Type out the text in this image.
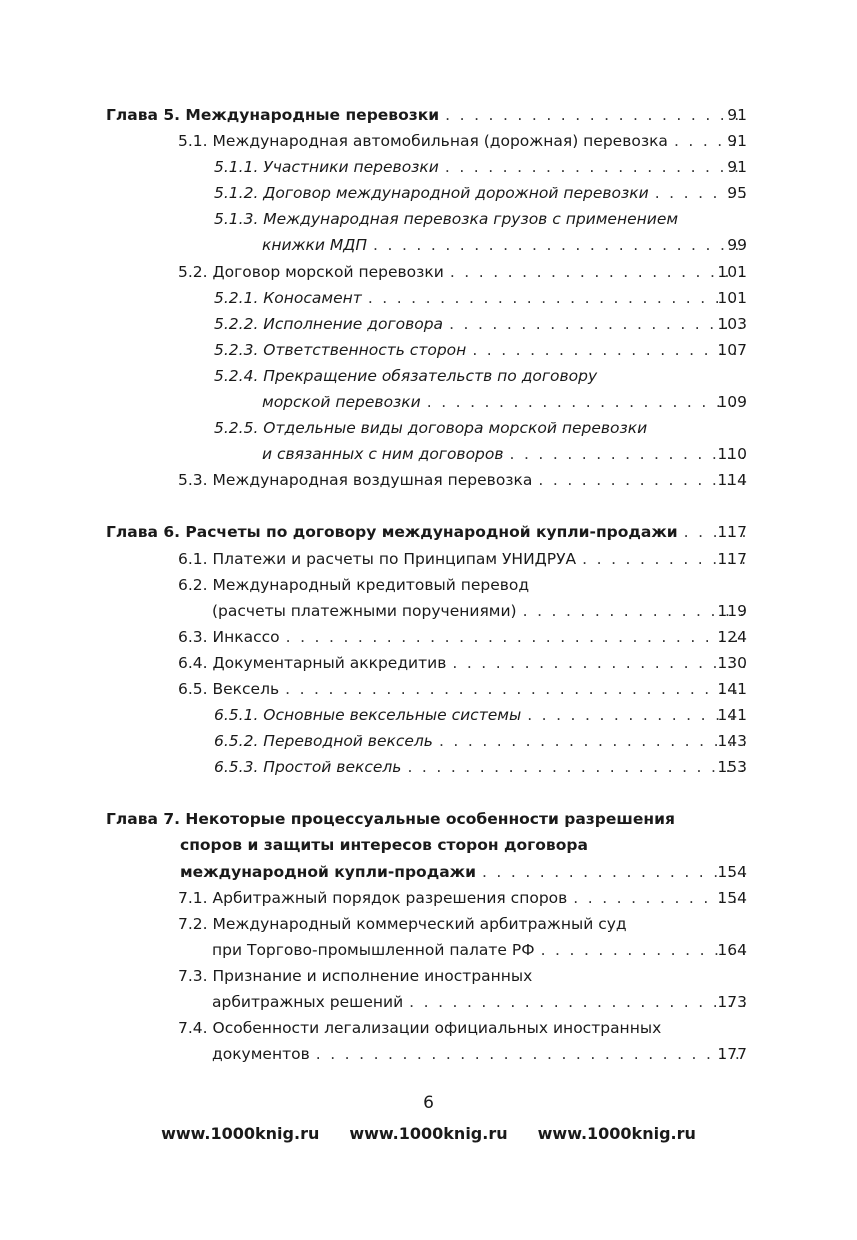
Глава 5. Международные перевозки . . .	91
5.1. Международная автомобильная (дорожная) перевозка . . .	91
5.1.1. Участники перевозки . . .	91
5.1.2. Договор международной дорожной перевозки . . .	95
5.1.3. Международная перевозка грузов с применением
книжки МДП . . .	99
5.2. Договор морской перевозки . . .	101
5.2.1. Коносамент . . .	101
5.2.2. Исполнение договора . . .	103
5.2.3. Ответственность сторон . . .	107
5.2.4. Прекращение обязательств по договору
морской перевозки . . .	109
5.2.5. Отдельные виды договора морской перевозки
и связанных с ним договоров . . .	110
5.3. Международная воздушная перевозка . . .	114
Глава 6. Расчеты по договору международной купли-продажи . . .	117
6.1. Платежи и расчеты по Принципам УНИДРУА . . .	117
6.2. Международный кредитовый перевод
(расчеты платежными поручениями) . . .	119
6.3. Инкассо . . .	124
6.4. Документарный аккредитив . . .	130
6.5. Вексель . . .	141
6.5.1. Основные вексельные системы . . .	141
6.5.2. Переводной вексель . . .	143
6.5.3. Простой вексель . . .	153
Глава 7. Некоторые процессуальные особенности разрешения
споров и защиты интересов сторон договора
международной купли-продажи . . .	154
7.1. Арбитражный порядок разрешения споров . . .	154
7.2. Международный коммерческий арбитражный суд
при Торгово-промышленной палате РФ . . .	164
7.3. Признание и исполнение иностранных
арбитражных решений . . .	173
7.4. Особенности легализации официальных иностранных
документов . . .	177
6
www.1000knig.ru www.1000knig.ru www.1000knig.ru
